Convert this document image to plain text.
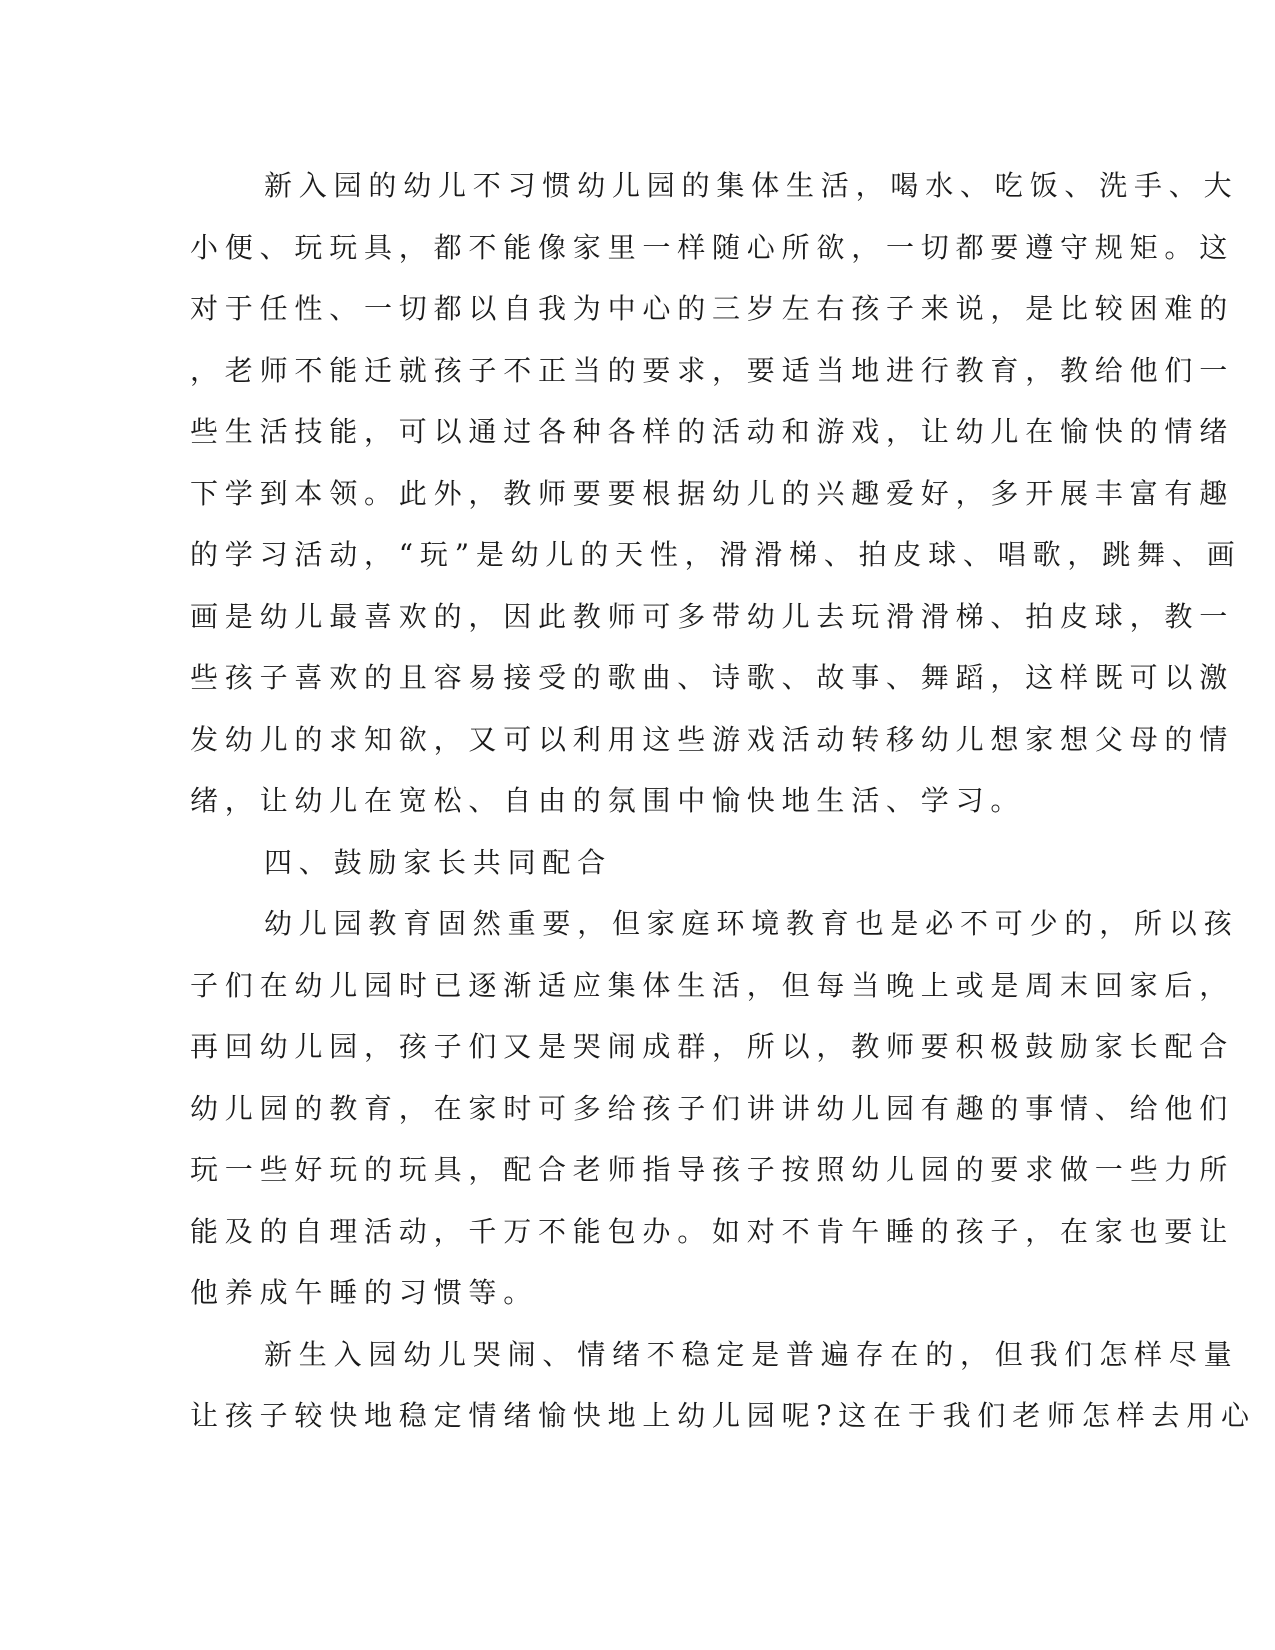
新入园的幼儿不习惯幼儿园的集体生活，喝水、吃饭、洗手、大
小便、玩玩具，都不能像家里一样随心所欲，一切都要遵守规矩。这
对于任性、一切都以自我为中心的三岁左右孩子来说，是比较困难的
，老师不能迁就孩子不正当的要求，要适当地进行教育，教给他们一
些生活技能，可以通过各种各样的活动和游戏，让幼儿在愉快的情绪
下学到本领。此外，教师要要根据幼儿的兴趣爱好，多开展丰富有趣
的学习活动，“玩”是幼儿的天性，滑滑梯、拍皮球、唱歌，跳舞、画
画是幼儿最喜欢的，因此教师可多带幼儿去玩滑滑梯、拍皮球，教一
些孩子喜欢的且容易接受的歌曲、诗歌、故事、舞蹈，这样既可以激
发幼儿的求知欲，又可以利用这些游戏活动转移幼儿想家想父母的情
绪，让幼儿在宽松、自由的氛围中愉快地生活、学习。
四、鼓励家长共同配合
幼儿园教育固然重要，但家庭环境教育也是必不可少的，所以孩
子们在幼儿园时已逐渐适应集体生活，但每当晚上或是周末回家后，
再回幼儿园，孩子们又是哭闹成群，所以，教师要积极鼓励家长配合
幼儿园的教育，在家时可多给孩子们讲讲幼儿园有趣的事情、给他们
玩一些好玩的玩具，配合老师指导孩子按照幼儿园的要求做一些力所
能及的自理活动，千万不能包办。如对不肯午睡的孩子，在家也要让
他养成午睡的习惯等。
新生入园幼儿哭闹、情绪不稳定是普遍存在的，但我们怎样尽量
让孩子较快地稳定情绪愉快地上幼儿园呢?这在于我们老师怎样去用心
